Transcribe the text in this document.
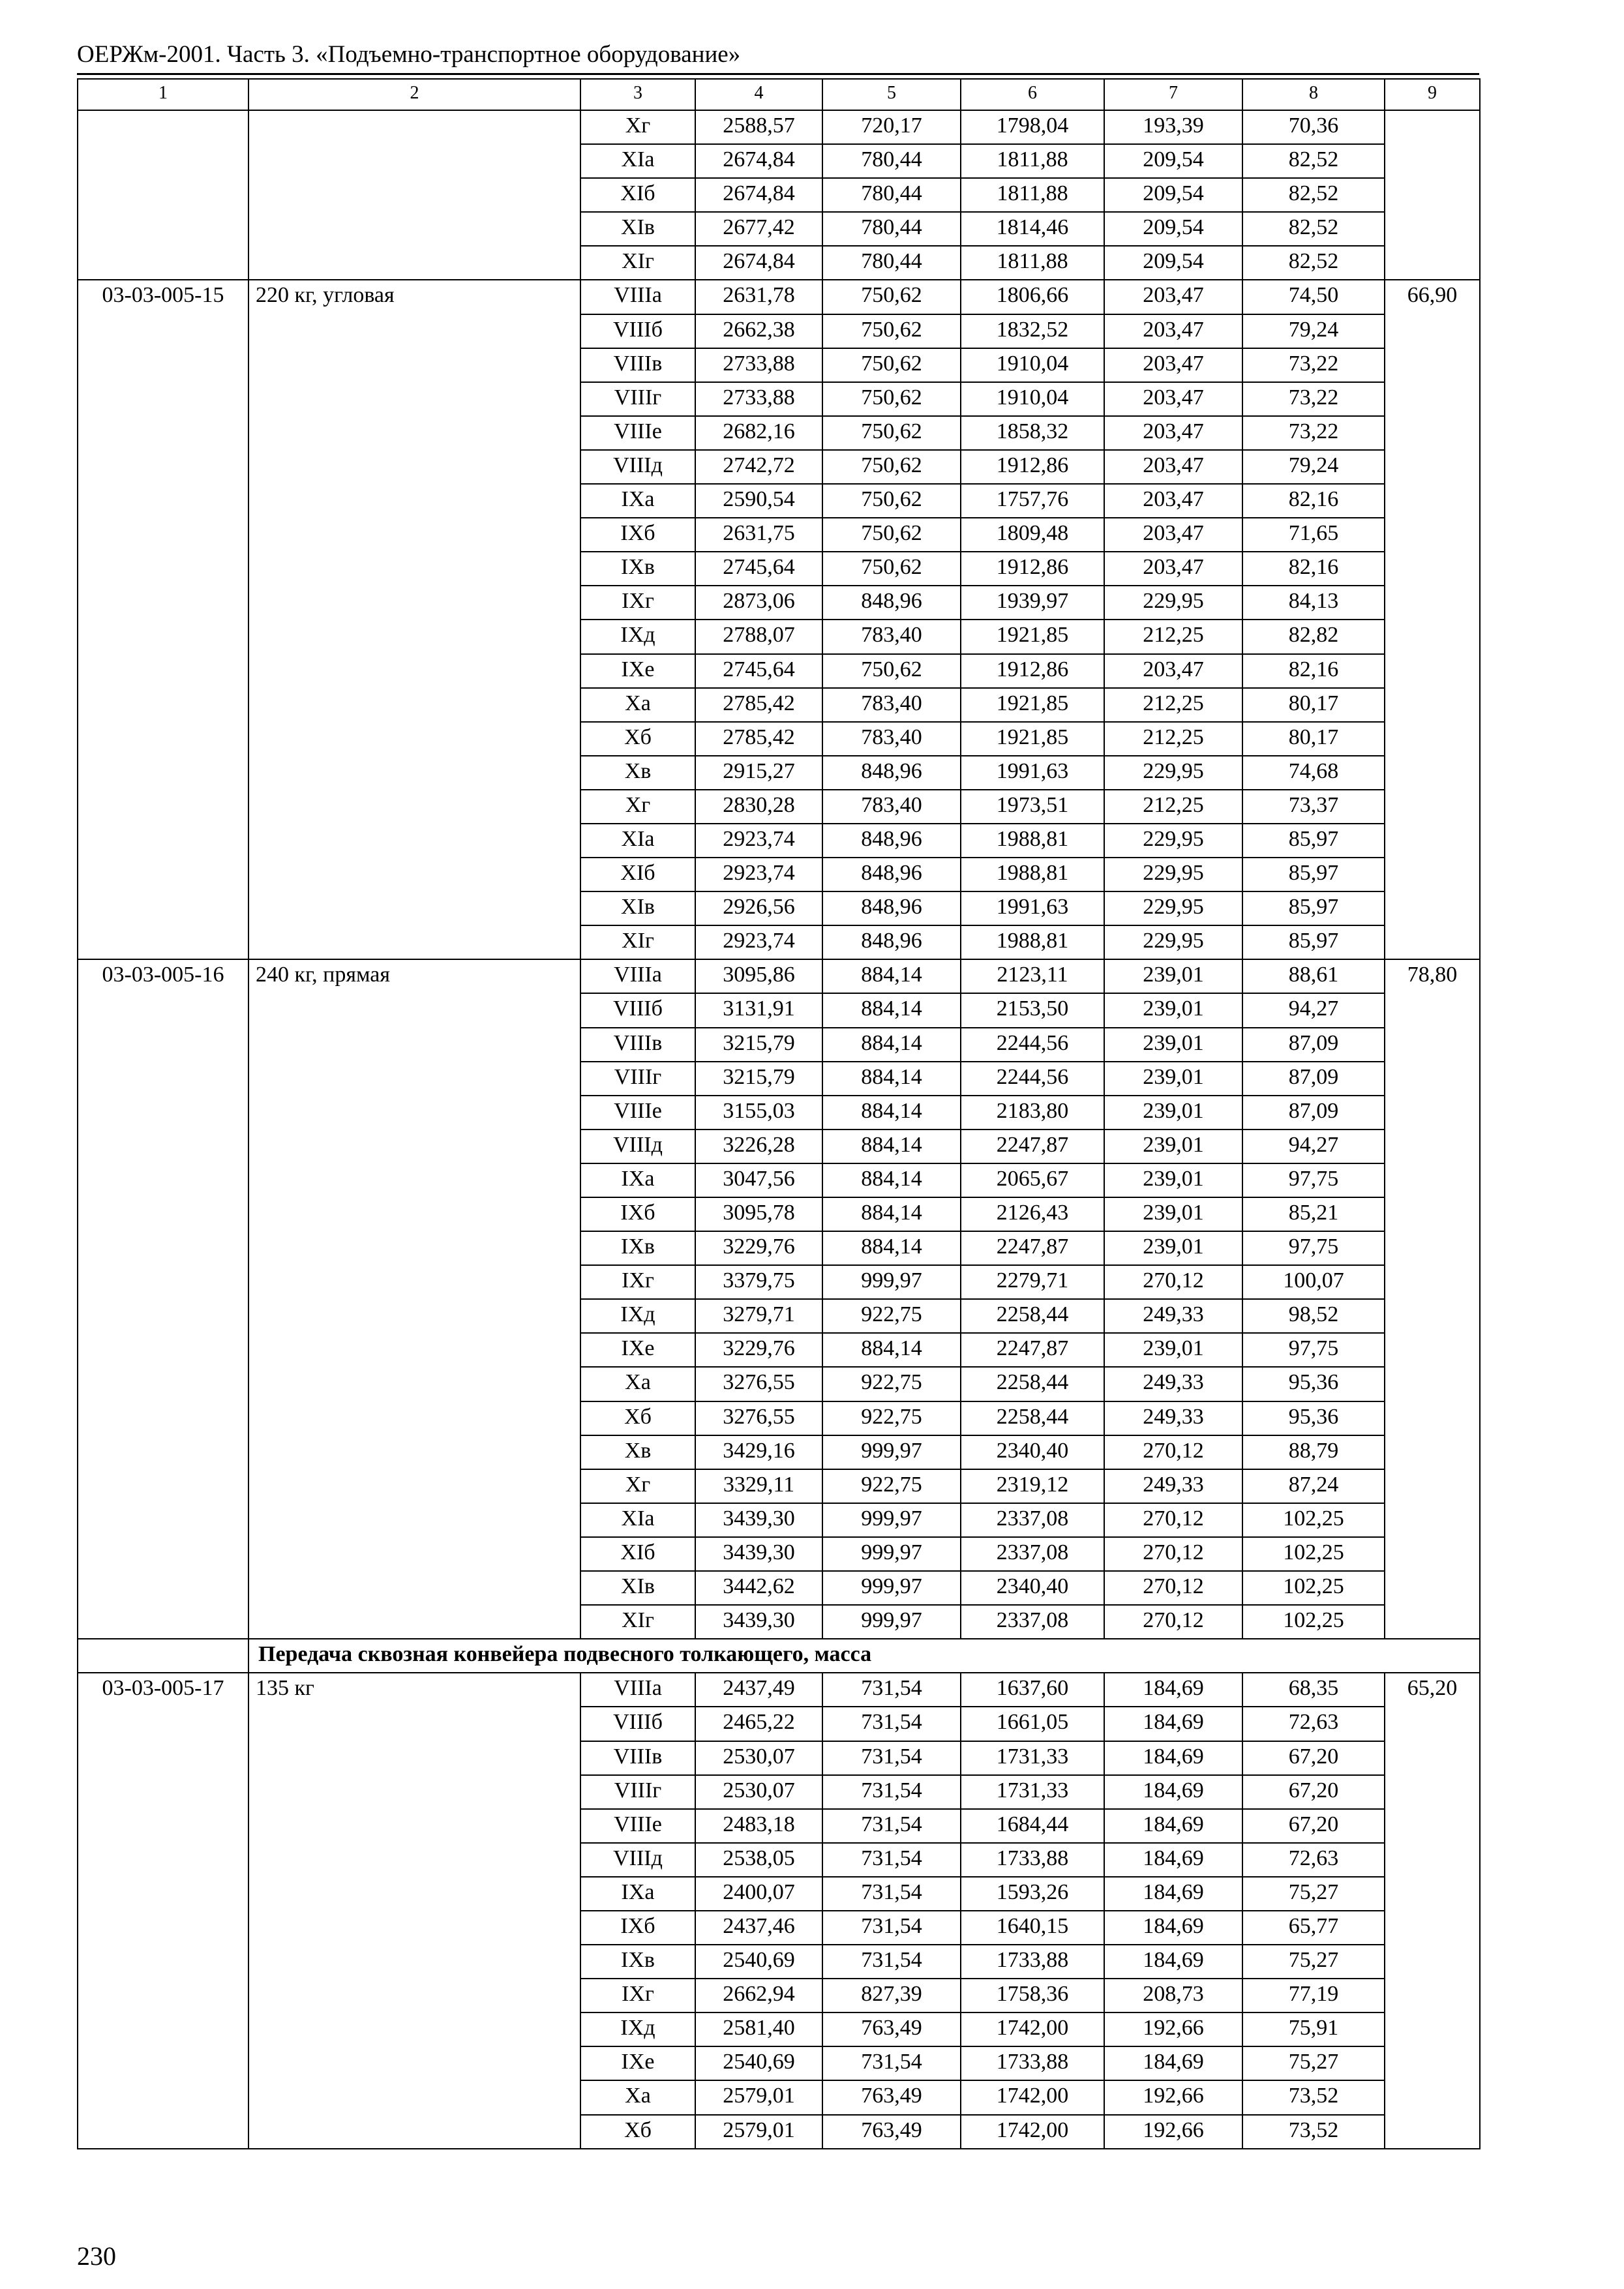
ОЕРЖм-2001. Часть 3. «Подъемно-транспортное оборудование»
1	2	3	4	5	6	7	8	9
		Xг	2588,57	720,17	1798,04	193,39	70,36	
		XIa	2674,84	780,44	1811,88	209,54	82,52	
		XIб	2674,84	780,44	1811,88	209,54	82,52	
		XIв	2677,42	780,44	1814,46	209,54	82,52	
		XIг	2674,84	780,44	1811,88	209,54	82,52	
03-03-005-15	220 кг, угловая	VIIIa	2631,78	750,62	1806,66	203,47	74,50	66,90
		VIIIб	2662,38	750,62	1832,52	203,47	79,24	
		VIIIв	2733,88	750,62	1910,04	203,47	73,22	
		VIIIг	2733,88	750,62	1910,04	203,47	73,22	
		VIIIe	2682,16	750,62	1858,32	203,47	73,22	
		VIIIд	2742,72	750,62	1912,86	203,47	79,24	
		IXa	2590,54	750,62	1757,76	203,47	82,16	
		IXб	2631,75	750,62	1809,48	203,47	71,65	
		IXв	2745,64	750,62	1912,86	203,47	82,16	
		IXг	2873,06	848,96	1939,97	229,95	84,13	
		IXд	2788,07	783,40	1921,85	212,25	82,82	
		IXe	2745,64	750,62	1912,86	203,47	82,16	
		Xa	2785,42	783,40	1921,85	212,25	80,17	
		Xб	2785,42	783,40	1921,85	212,25	80,17	
		Xв	2915,27	848,96	1991,63	229,95	74,68	
		Xг	2830,28	783,40	1973,51	212,25	73,37	
		XIa	2923,74	848,96	1988,81	229,95	85,97	
		XIб	2923,74	848,96	1988,81	229,95	85,97	
		XIв	2926,56	848,96	1991,63	229,95	85,97	
		XIг	2923,74	848,96	1988,81	229,95	85,97	
03-03-005-16	240 кг, прямая	VIIIa	3095,86	884,14	2123,11	239,01	88,61	78,80
		VIIIб	3131,91	884,14	2153,50	239,01	94,27	
		VIIIв	3215,79	884,14	2244,56	239,01	87,09	
		VIIIг	3215,79	884,14	2244,56	239,01	87,09	
		VIIIe	3155,03	884,14	2183,80	239,01	87,09	
		VIIIд	3226,28	884,14	2247,87	239,01	94,27	
		IXa	3047,56	884,14	2065,67	239,01	97,75	
		IXб	3095,78	884,14	2126,43	239,01	85,21	
		IXв	3229,76	884,14	2247,87	239,01	97,75	
		IXг	3379,75	999,97	2279,71	270,12	100,07	
		IXд	3279,71	922,75	2258,44	249,33	98,52	
		IXe	3229,76	884,14	2247,87	239,01	97,75	
		Xa	3276,55	922,75	2258,44	249,33	95,36	
		Xб	3276,55	922,75	2258,44	249,33	95,36	
		Xв	3429,16	999,97	2340,40	270,12	88,79	
		Xг	3329,11	922,75	2319,12	249,33	87,24	
		XIa	3439,30	999,97	2337,08	270,12	102,25	
		XIб	3439,30	999,97	2337,08	270,12	102,25	
		XIв	3442,62	999,97	2340,40	270,12	102,25	
		XIг	3439,30	999,97	2337,08	270,12	102,25	
	Передача сквозная конвейера подвесного толкающего, масса							
03-03-005-17	135 кг	VIIIa	2437,49	731,54	1637,60	184,69	68,35	65,20
		VIIIб	2465,22	731,54	1661,05	184,69	72,63	
		VIIIв	2530,07	731,54	1731,33	184,69	67,20	
		VIIIг	2530,07	731,54	1731,33	184,69	67,20	
		VIIIe	2483,18	731,54	1684,44	184,69	67,20	
		VIIIд	2538,05	731,54	1733,88	184,69	72,63	
		IXa	2400,07	731,54	1593,26	184,69	75,27	
		IXб	2437,46	731,54	1640,15	184,69	65,77	
		IXв	2540,69	731,54	1733,88	184,69	75,27	
		IXг	2662,94	827,39	1758,36	208,73	77,19	
		IXд	2581,40	763,49	1742,00	192,66	75,91	
		IXe	2540,69	731,54	1733,88	184,69	75,27	
		Xa	2579,01	763,49	1742,00	192,66	73,52	
		Xб	2579,01	763,49	1742,00	192,66	73,52	
230
